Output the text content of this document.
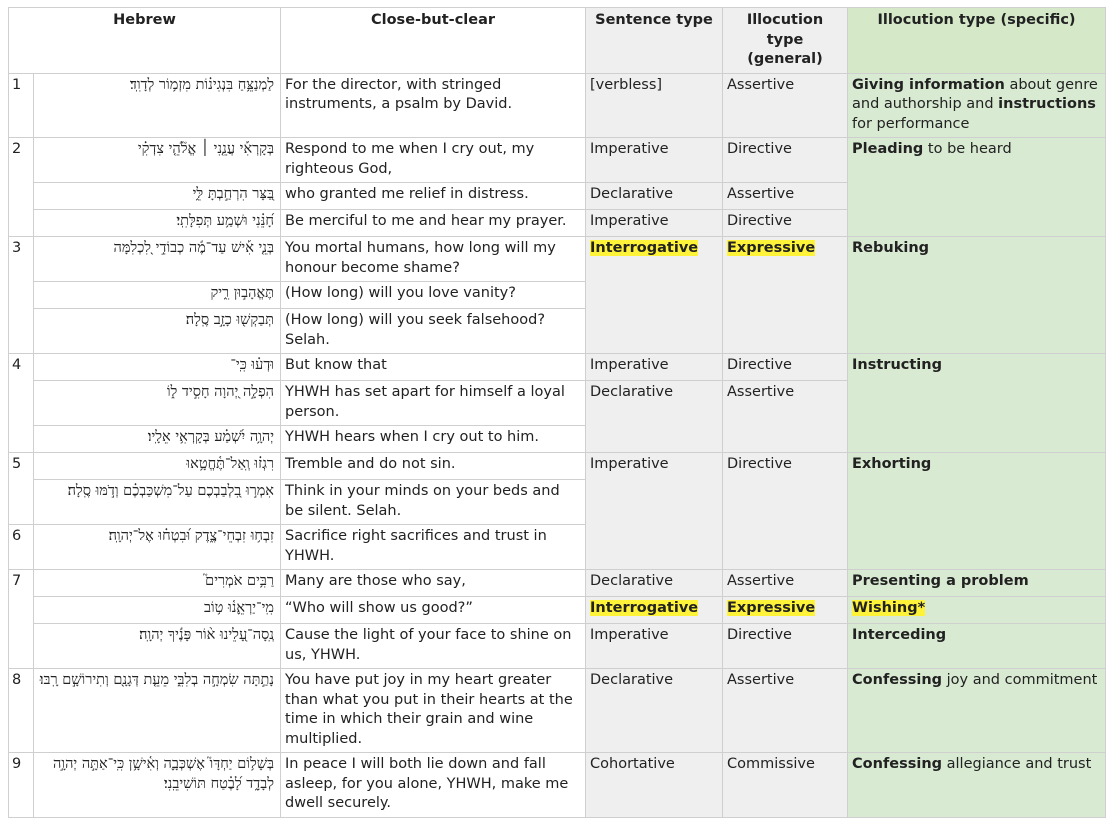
Hebrew		Close-but-clear	Sentence type	Illocution type (general)	Illocution type (specific)
1	לַמְנַצֵּ֥חַ בִּנְגִינ֗וֹת מִזְמ֥וֹר לְדָוִֽד׃	For the director, with stringed instruments, a psalm by David.	[verbless]	Assertive	Giving information about genre and authorship and instructions for performance
2	בְּקָרְאִ֡י עֲנֵ֤נִי ׀ אֱלֹ֘הֵ֤י צִדְקִ֗י	Respond to me when I cry out, my righteous God,	Imperative	Directive	Pleading to be heard
	בַּ֭צָּר הִרְחַ֣בְתָּ לִּ֑י	who granted me relief in distress.	Declarative	Assertive	
	חָ֝נֵּ֗נִי וּשְׁמַ֥ע תְּפִלָּתִֽי׃	Be merciful to me and hear my prayer.	Imperative	Directive	
3	בְּנֵ֤י אִ֡ישׁ עַד־מֶ֬ה כְבוֹדִ֣י לִ֭כְלִמָּה	You mortal humans, how long will my honour become shame?	Interrogative	Expressive	Rebuking
	תֶּאֱהָב֣וּן רִ֑יק	(How long) will you love vanity?			
	תְּבַקְשׁ֖וּ כָזָ֣ב סֶֽלָה׃	(How long) will you seek falsehood? Selah.			
4	וּדְע֗וּ כִּֽי־	But know that	Imperative	Directive	Instructing
	הִפְלָ֣ה יְ֭הוָה חָסִ֣יד ל֑וֹ	YHWH has set apart for himself a loyal person.	Declarative	Assertive	
	יְהוָ֥ה יִ֝שְׁמַ֗ע בְּקָרְאִ֥י אֵלָֽיו׃	YHWH hears when I cry out to him.			
5	רִגְז֗וּ וְֽאַל־תֶּ֫חֱטָ֥אוּ	Tremble and do not sin.	Imperative	Directive	Exhorting
	אִמְר֣וּ בִ֭לְבַבְכֶם עַל־מִשְׁכַּבְכֶ֗ם וְדֹ֣מּוּ סֶֽלָה׃	Think in your minds on your beds and be silent. Selah.			
6	זִבְח֥וּ זִבְחֵי־צֶ֑דֶק וּ֝בִטְח֗וּ אֶל־יְהוָֽה׃	Sacrifice right sacrifices and trust in YHWH.			
7	רַבִּ֥ים אֹמְרִים֮	Many are those who say,	Declarative	Assertive	Presenting a problem
	מִֽי־יַרְאֵ֪נ֫וּ ט֥וֹב	“Who will show us good?”	Interrogative	Expressive	Wishing*
	נְֽסָה־עָ֭לֵינוּ א֨וֹר פָּנֶ֬יךָ יְהוָֽה׃	Cause the light of your face to shine on us, YHWH.	Imperative	Directive	Interceding
8	נָתַ֣תָּה שִׂמְחָ֣ה בְלִבִּ֑י מֵעֵ֤ת דְּגָנָ֖ם וְתִירוֹשָׁ֣ם רָֽבּוּ׃	You have put joy in my heart greater than what you put in their hearts at the time in which their grain and wine multiplied.	Declarative	Assertive	Confessing joy and commitment
9	בְּשָׁל֥וֹם יַחְדָּו֮ אֶשְׁכְּבָ֪ה וְאִ֫ישָׁ֥ן כִּֽי־אַתָּ֣ה יְהוָ֣ה לְבָדָ֑ד לָ֝בֶ֗טַח תּוֹשִׁיבֵֽנִי׃	In peace I will both lie down and fall asleep, for you alone, YHWH, make me dwell securely.	Cohortative	Commissive	Confessing allegiance and trust
